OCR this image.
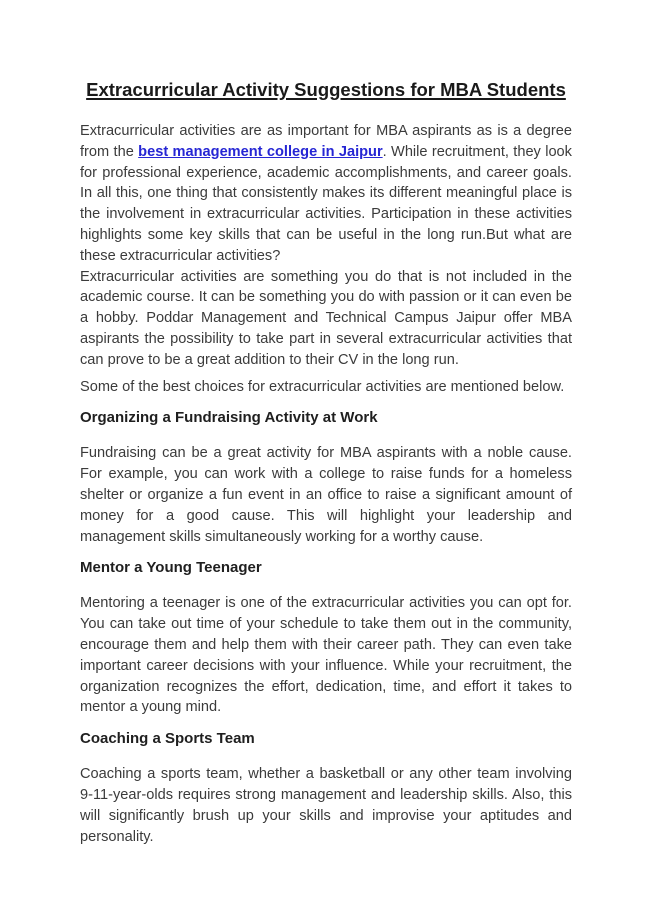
Extracurricular Activity Suggestions for MBA Students

Extracurricular activities are as important for MBA aspirants as is a degree from the best management college in Jaipur. While recruitment, they look for professional experience, academic accomplishments, and career goals. In all this, one thing that consistently makes its different meaningful place is the involvement in extracurricular activities. Participation in these activities highlights some key skills that can be useful in the long run.But what are these extracurricular activities?

Extracurricular activities are something you do that is not included in the academic course. It can be something you do with passion or it can even be a hobby. Poddar Management and Technical Campus Jaipur offer MBA aspirants the possibility to take part in several extracurricular activities that can prove to be a great addition to their CV in the long run.

Some of the best choices for extracurricular activities are mentioned below.

Organizing a Fundraising Activity at Work

Fundraising can be a great activity for MBA aspirants with a noble cause. For example, you can work with a college to raise funds for a homeless shelter or organize a fun event in an office to raise a significant amount of money for a good cause. This will highlight your leadership and management skills simultaneously working for a worthy cause.

Mentor a Young Teenager

Mentoring a teenager is one of the extracurricular activities you can opt for. You can take out time of your schedule to take them out in the community, encourage them and help them with their career path. They can even take important career decisions with your influence. While your recruitment, the organization recognizes the effort, dedication, time, and effort it takes to mentor a young mind.

Coaching a Sports Team

Coaching a sports team, whether a basketball or any other team involving 9-11-year-olds requires strong management and leadership skills. Also, this will significantly brush up your skills and improvise your aptitudes and personality.
